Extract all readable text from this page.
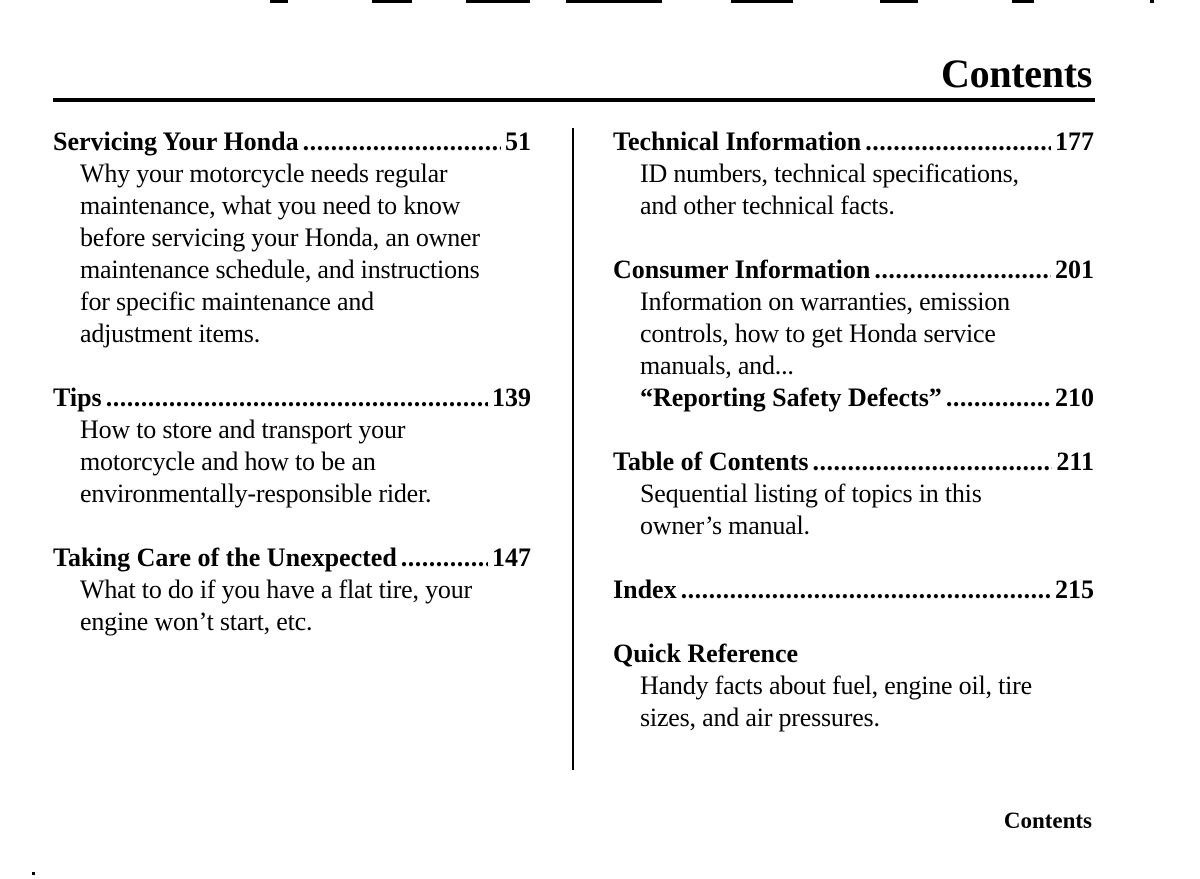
Contents
Servicing Your Honda .....	51
Why your motorcycle needs regular
maintenance, what you need to know
before servicing your Honda, an owner
maintenance schedule, and instructions
for specific maintenance and
adjustment items.
Tips .....	139
How to store and transport your
motorcycle and how to be an
environmentally-responsible rider.
Taking Care of the Unexpected .....	147
What to do if you have a flat tire, your
engine won’t start, etc.
Technical Information .....	177
ID numbers, technical specifications,
and other technical facts.
Consumer Information .....	201
Information on warranties, emission
controls, how to get Honda service
manuals, and...
“Reporting Safety Defects” .....	210
Table of Contents .....	211
Sequential listing of topics in this
owner’s manual.
Index .....	215
Quick Reference
Handy facts about fuel, engine oil, tire
sizes, and air pressures.
Contents
